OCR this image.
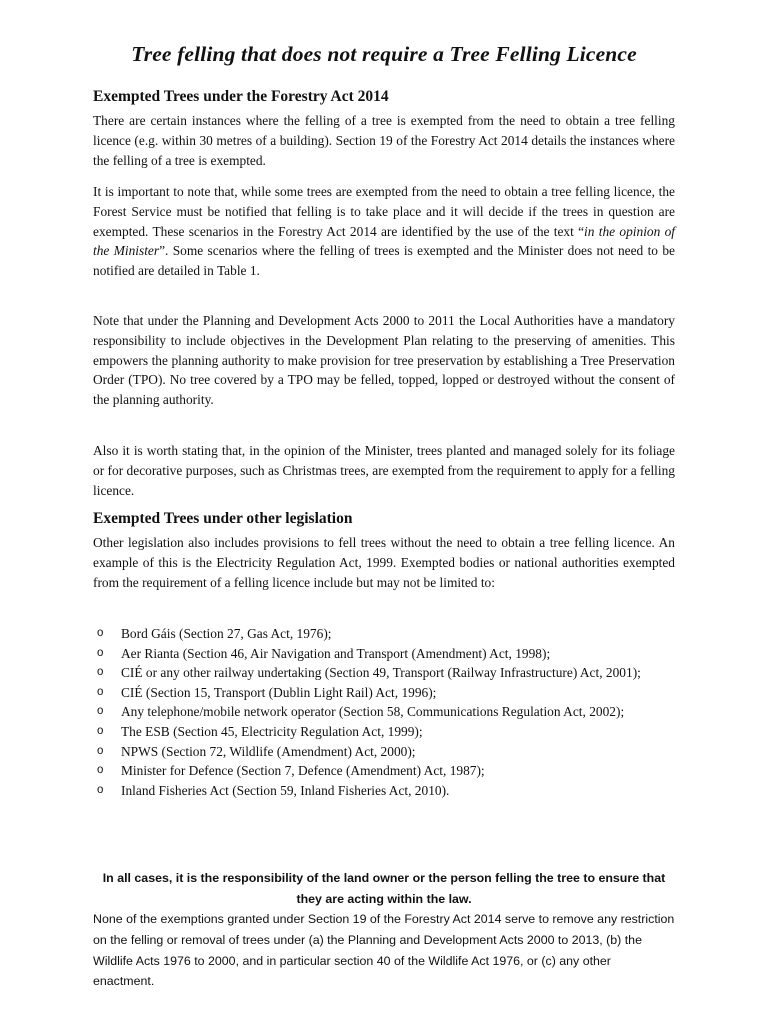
Tree felling that does not require a Tree Felling Licence
Exempted Trees under the Forestry Act 2014

There are certain instances where the felling of a tree is exempted from the need to obtain a tree felling licence (e.g. within 30 metres of a building). Section 19 of the Forestry Act 2014 details the instances where the felling of a tree is exempted.

It is important to note that, while some trees are exempted from the need to obtain a tree felling licence, the Forest Service must be notified that felling is to take place and it will decide if the trees in question are exempted. These scenarios in the Forestry Act 2014 are identified by the use of the text “in the opinion of the Minister”. Some scenarios where the felling of trees is exempted and the Minister does not need to be notified are detailed in Table 1.

Note that under the Planning and Development Acts 2000 to 2011 the Local Authorities have a mandatory responsibility to include objectives in the Development Plan relating to the preserving of amenities. This empowers the planning authority to make provision for tree preservation by establishing a Tree Preservation Order (TPO). No tree covered by a TPO may be felled, topped, lopped or destroyed without the consent of the planning authority.

Also it is worth stating that, in the opinion of the Minister, trees planted and managed solely for its foliage or for decorative purposes, such as Christmas trees, are exempted from the requirement to apply for a felling licence.

Exempted Trees under other legislation

Other legislation also includes provisions to fell trees without the need to obtain a tree felling licence. An example of this is the Electricity Regulation Act, 1999. Exempted bodies or national authorities exempted from the requirement of a felling licence include but may not be limited to:

o Bord Gáis (Section 27, Gas Act, 1976);
o Aer Rianta (Section 46, Air Navigation and Transport (Amendment) Act, 1998);
o CIÉ or any other railway undertaking (Section 49, Transport (Railway Infrastructure) Act, 2001);
o CIÉ (Section 15, Transport (Dublin Light Rail) Act, 1996);
o Any telephone/mobile network operator (Section 58, Communications Regulation Act, 2002);
o The ESB (Section 45, Electricity Regulation Act, 1999);
o NPWS (Section 72, Wildlife (Amendment) Act, 2000);
o Minister for Defence (Section 7, Defence (Amendment) Act, 1987);
o Inland Fisheries Act (Section 59, Inland Fisheries Act, 2010).

In all cases, it is the responsibility of the land owner or the person felling the tree to ensure that they are acting within the law.

None of the exemptions granted under Section 19 of the Forestry Act 2014 serve to remove any restriction on the felling or removal of trees under (a) the Planning and Development Acts 2000 to 2013, (b) the Wildlife Acts 1976 to 2000, and in particular section 40 of the Wildlife Act 1976, or (c) any other enactment.
